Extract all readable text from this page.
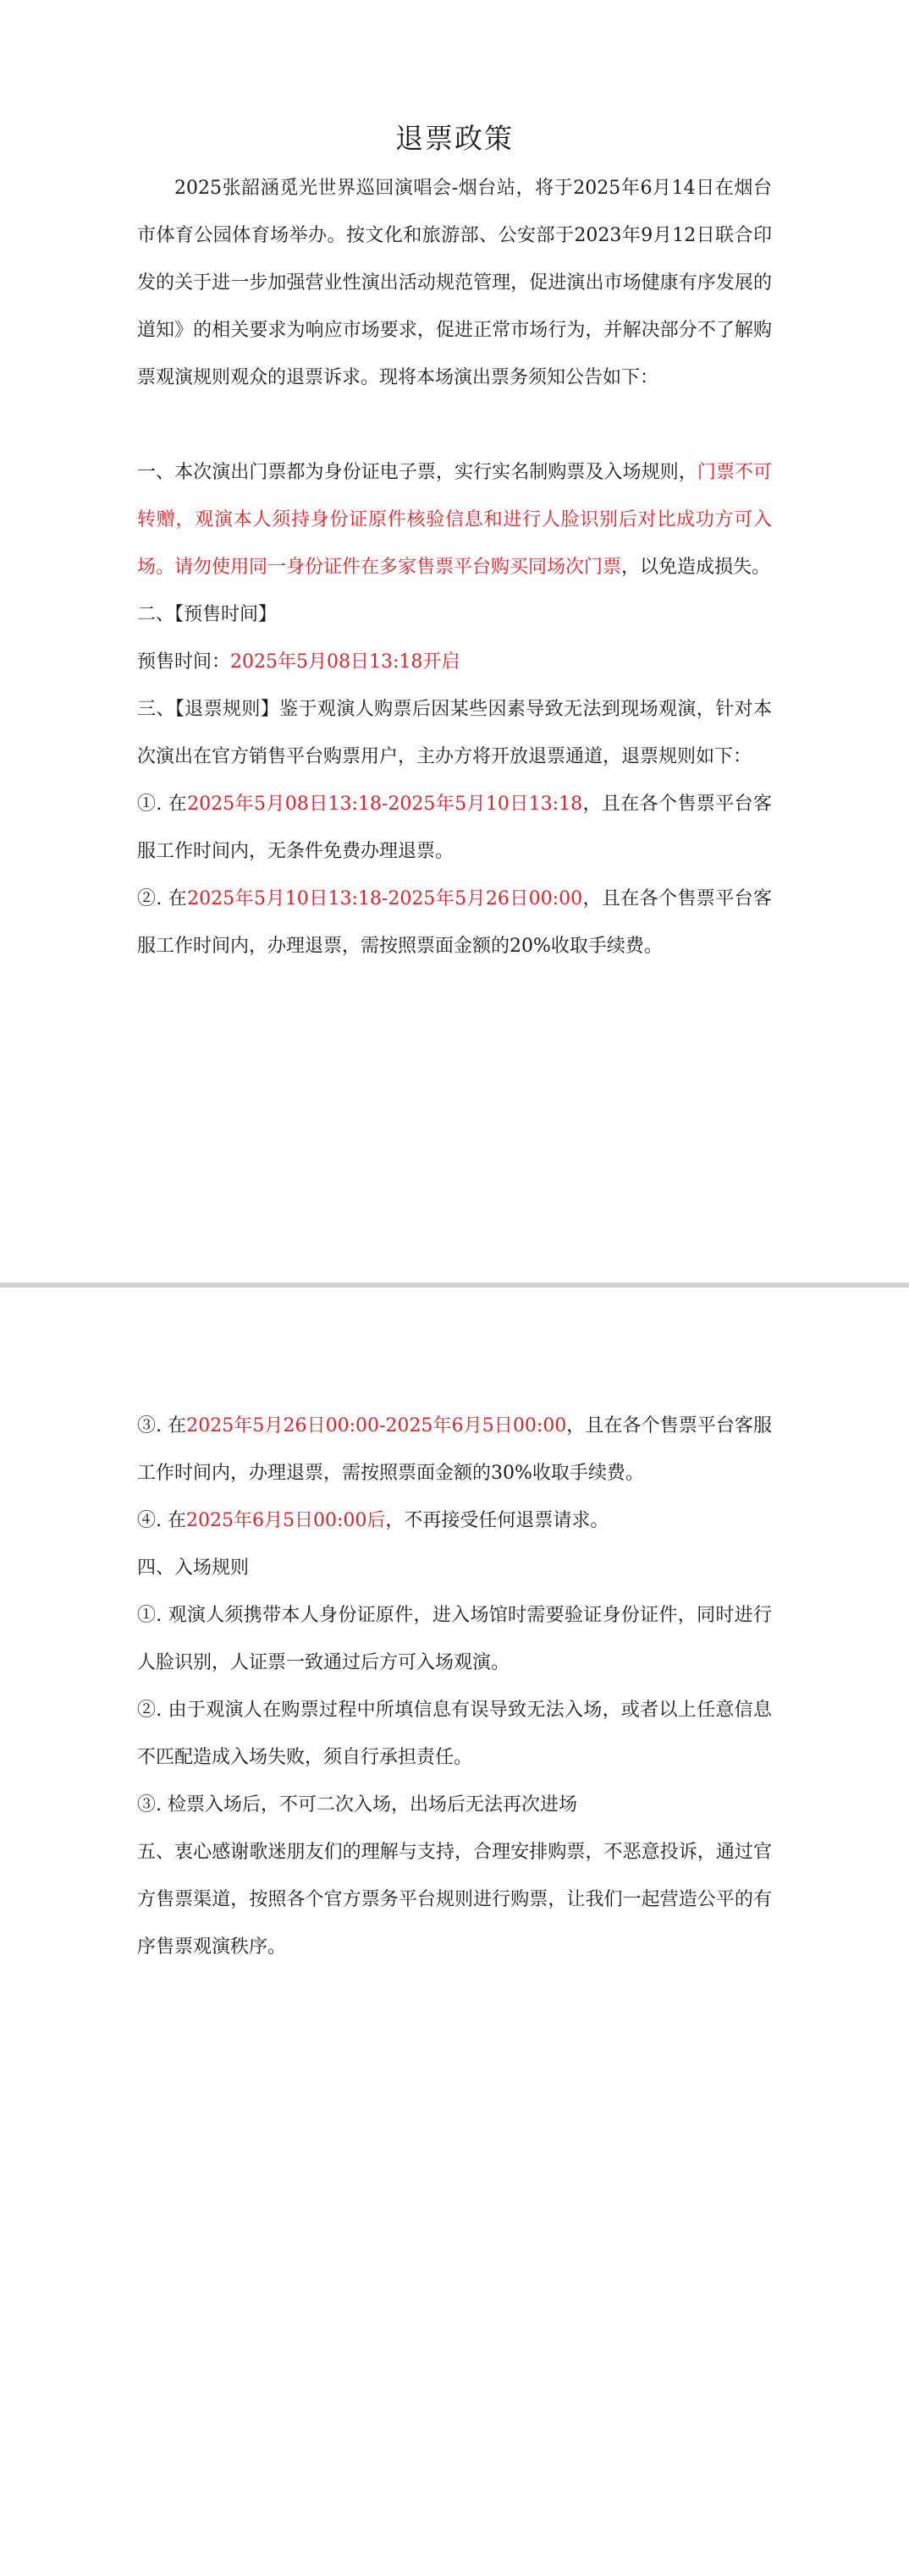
退票政策

2025张韶涵觅光世界巡回演唱会-烟台站，将于2025年6月14日在烟台市体育公园体育场举办。按文化和旅游部、公安部于2023年9月12日联合印发的关于进一步加强营业性演出活动规范管理，促进演出市场健康有序发展的道知》的相关要求为响应市场要求，促进正常市场行为，并解决部分不了解购票观演规则观众的退票诉求。现将本场演出票务须知公告如下：

一、本次演出门票都为身份证电子票，实行实名制购票及入场规则，门票不可转赠，观演本人须持身份证原件核验信息和进行人脸识别后对比成功方可入场。请勿使用同一身份证件在多家售票平台购买同场次门票，以免造成损失。

二、【预售时间】

预售时间：2025年5月08日13:18开启

三、【退票规则】鉴于观演人购票后因某些因素导致无法到现场观演，针对本次演出在官方销售平台购票用户，主办方将开放退票通道，退票规则如下：

①. 在2025年5月08日13:18-2025年5月10日13:18，且在各个售票平台客服工作时间内，无条件免费办理退票。

②. 在2025年5月10日13:18-2025年5月26日00:00，且在各个售票平台客服工作时间内，办理退票，需按照票面金额的20%收取手续费。

③. 在2025年5月26日00:00-2025年6月5日00:00，且在各个售票平台客服工作时间内，办理退票，需按照票面金额的30%收取手续费。

④. 在2025年6月5日00:00后，不再接受任何退票请求。

四、入场规则

①. 观演人须携带本人身份证原件，进入场馆时需要验证身份证件，同时进行人脸识别，人证票一致通过后方可入场观演。

②. 由于观演人在购票过程中所填信息有误导致无法入场，或者以上任意信息不匹配造成入场失败，须自行承担责任。

③. 检票入场后，不可二次入场，出场后无法再次进场

五、衷心感谢歌迷朋友们的理解与支持，合理安排购票，不恶意投诉，通过官方售票渠道，按照各个官方票务平台规则进行购票，让我们一起营造公平的有序售票观演秩序。
